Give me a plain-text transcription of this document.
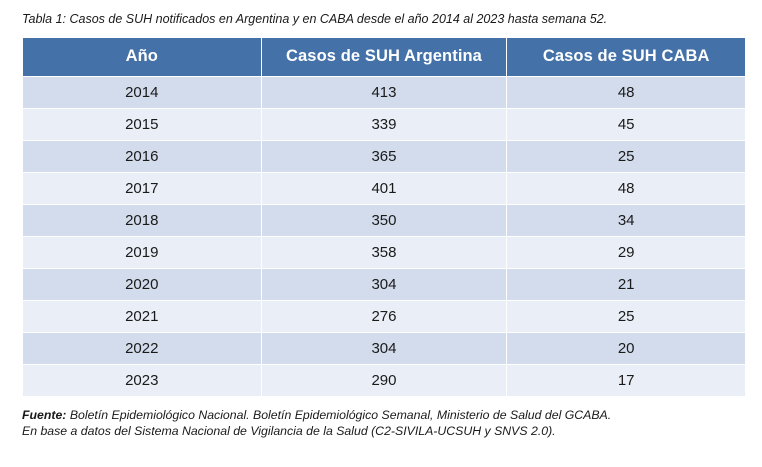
Tabla 1: Casos de SUH notificados en Argentina y en CABA desde el año 2014 al 2023 hasta semana 52.
Año	Casos de SUH Argentina	Casos de SUH CABA
2014	413	48
2015	339	45
2016	365	25
2017	401	48
2018	350	34
2019	358	29
2020	304	21
2021	276	25
2022	304	20
2023	290	17
Fuente: Boletín Epidemiológico Nacional. Boletín Epidemiológico Semanal, Ministerio de Salud del GCABA.
En base a datos del Sistema Nacional de Vigilancia de la Salud (C2-SIVILA-UCSUH y SNVS 2.0).
